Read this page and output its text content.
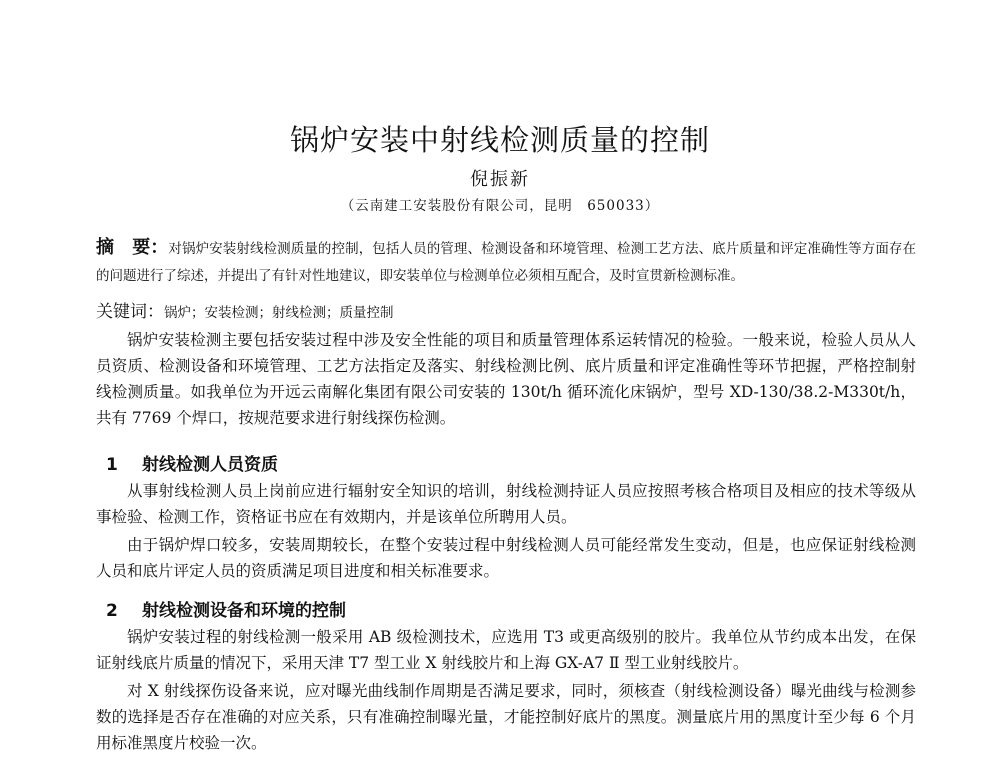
锅炉安装中射线检测质量的控制
倪振新
（云南建工安装股份有限公司，昆明　650033）
摘　要：对锅炉安装射线检测质量的控制，包括人员的管理、检测设备和环境管理、检测工艺方法、底片质量和评定准确性等方面存在的问题进行了综述，并提出了有针对性地建议，即安装单位与检测单位必须相互配合，及时宣贯新检测标准。
关键词：锅炉；安装检测；射线检测；质量控制

锅炉安装检测主要包括安装过程中涉及安全性能的项目和质量管理体系运转情况的检验。一般来说，检验人员从人员资质、检测设备和环境管理、工艺方法指定及落实、射线检测比例、底片质量和评定准确性等环节把握，严格控制射线检测质量。如我单位为开远云南解化集团有限公司安装的 130t/h 循环流化床锅炉，型号 XD-130/38.2-M330t/h，共有 7769 个焊口，按规范要求进行射线探伤检测。

1 射线检测人员资质

从事射线检测人员上岗前应进行辐射安全知识的培训，射线检测持证人员应按照考核合格项目及相应的技术等级从事检验、检测工作，资格证书应在有效期内，并是该单位所聘用人员。

由于锅炉焊口较多，安装周期较长，在整个安装过程中射线检测人员可能经常发生变动，但是，也应保证射线检测人员和底片评定人员的资质满足项目进度和相关标准要求。

2 射线检测设备和环境的控制

锅炉安装过程的射线检测一般采用 AB 级检测技术，应选用 T3 或更高级别的胶片。我单位从节约成本出发，在保证射线底片质量的情况下，采用天津 T7 型工业 X 射线胶片和上海 GX-A7 Ⅱ 型工业射线胶片。

对 X 射线探伤设备来说，应对曝光曲线制作周期是否满足要求，同时，须核查（射线检测设备）曝光曲线与检测参数的选择是否存在准确的对应关系，只有准确控制曝光量，才能控制好底片的黑度。测量底片用的黑度计至少每 6 个月用标准黑度片校验一次。
